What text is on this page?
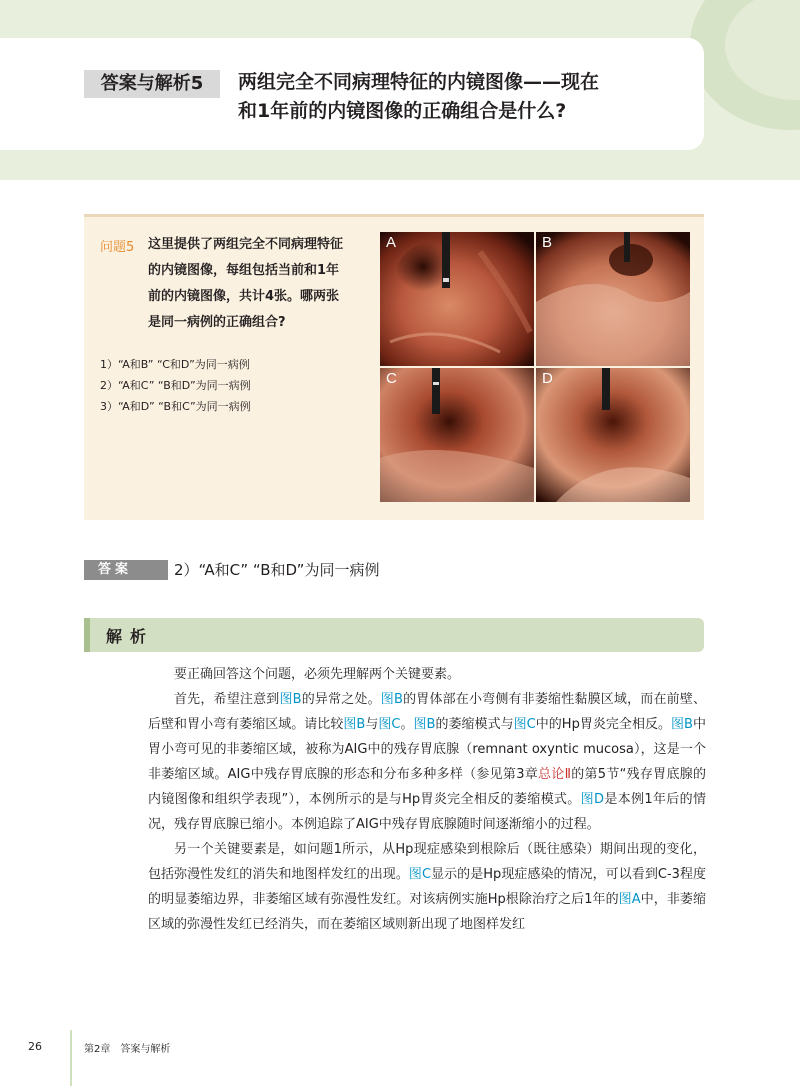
答案与解析5	两组完全不同病理特征的内镜图像——现在
和1年前的内镜图像的正确组合是什么?
问题5 这里提供了两组完全不同病理特征
的内镜图像，每组包括当前和1年
前的内镜图像，共计4张。哪两张
是同一病例的正确组合?
1）“A和B” “C和D”为同一病例
2）“A和C” “B和D”为同一病例
3）“A和D” “B和C”为同一病例
A	B
C	D
答案	2）“A和C” “B和D”为同一病例
解析

要正确回答这个问题，必须先理解两个关键要素。

首先，希望注意到图B的异常之处。图B的胃体部在小弯侧有非萎缩性黏膜区域，而在前壁、后壁和胃小弯有萎缩区域。请比较图B与图C。图B的萎缩模式与图C中的Hp胃炎完全相反。图B中胃小弯可见的非萎缩区域，被称为AIG中的残存胃底腺（remnant oxyntic mucosa），这是一个非萎缩区域。AIG中残存胃底腺的形态和分布多种多样（参见第3章总论Ⅱ的第5节“残存胃底腺的内镜图像和组织学表现”），本例所示的是与Hp胃炎完全相反的萎缩模式。图D是本例1年后的情况，残存胃底腺已缩小。本例追踪了AIG中残存胃底腺随时间逐渐缩小的过程。

另一个关键要素是，如问题1所示，从Hp现症感染到根除后（既往感染）期间出现的变化，包括弥漫性发红的消失和地图样发红的出现。图C显示的是Hp现症感染的情况，可以看到C-3程度的明显萎缩边界，非萎缩区域有弥漫性发红。对该病例实施Hp根除治疗之后1年的图A中，非萎缩区域的弥漫性发红已经消失，而在萎缩区域则新出现了地图样发红

26	第2章　答案与解析
